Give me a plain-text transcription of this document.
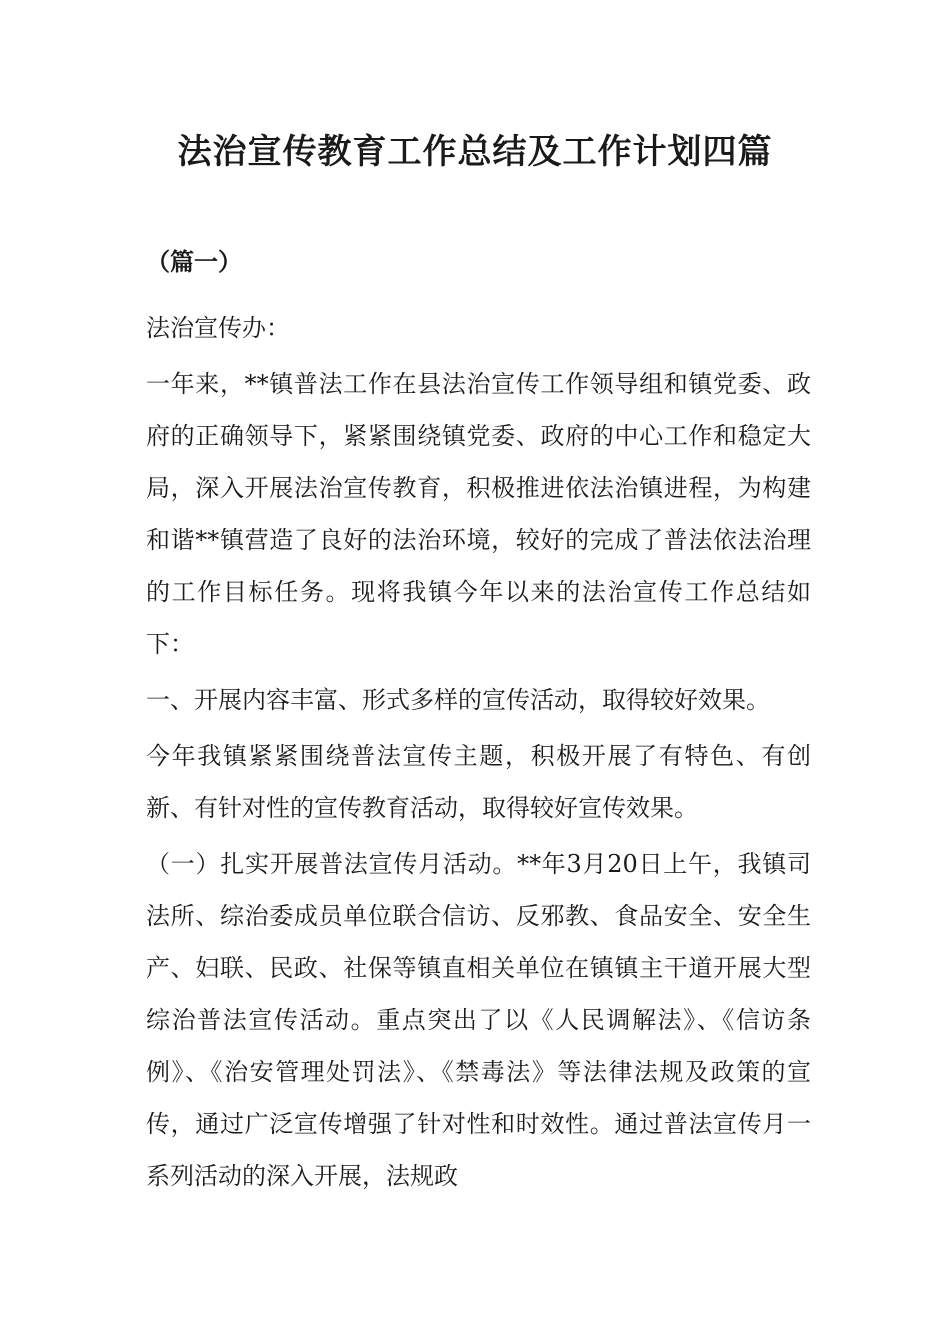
法治宣传教育工作总结及工作计划四篇
（篇一）

法治宣传办：

一年来，**镇普法工作在县法治宣传工作领导组和镇党委、政府的正确领导下，紧紧围绕镇党委、政府的中心工作和稳定大局，深入开展法治宣传教育，积极推进依法治镇进程，为构建和谐**镇营造了良好的法治环境，较好的完成了普法依法治理的工作目标任务。现将我镇今年以来的法治宣传工作总结如下：

一、开展内容丰富、形式多样的宣传活动，取得较好效果。

今年我镇紧紧围绕普法宣传主题，积极开展了有特色、有创新、有针对性的宣传教育活动，取得较好宣传效果。

（一）扎实开展普法宣传月活动。**年3月20日上午，我镇司法所、综治委成员单位联合信访、反邪教、食品安全、安全生产、妇联、民政、社保等镇直相关单位在镇镇主干道开展大型综治普法宣传活动。重点突出了以《人民调解法》、《信访条例》、《治安管理处罚法》、《禁毒法》等法律法规及政策的宣传，通过广泛宣传增强了针对性和时效性。通过普法宣传月一系列活动的深入开展，法规政
